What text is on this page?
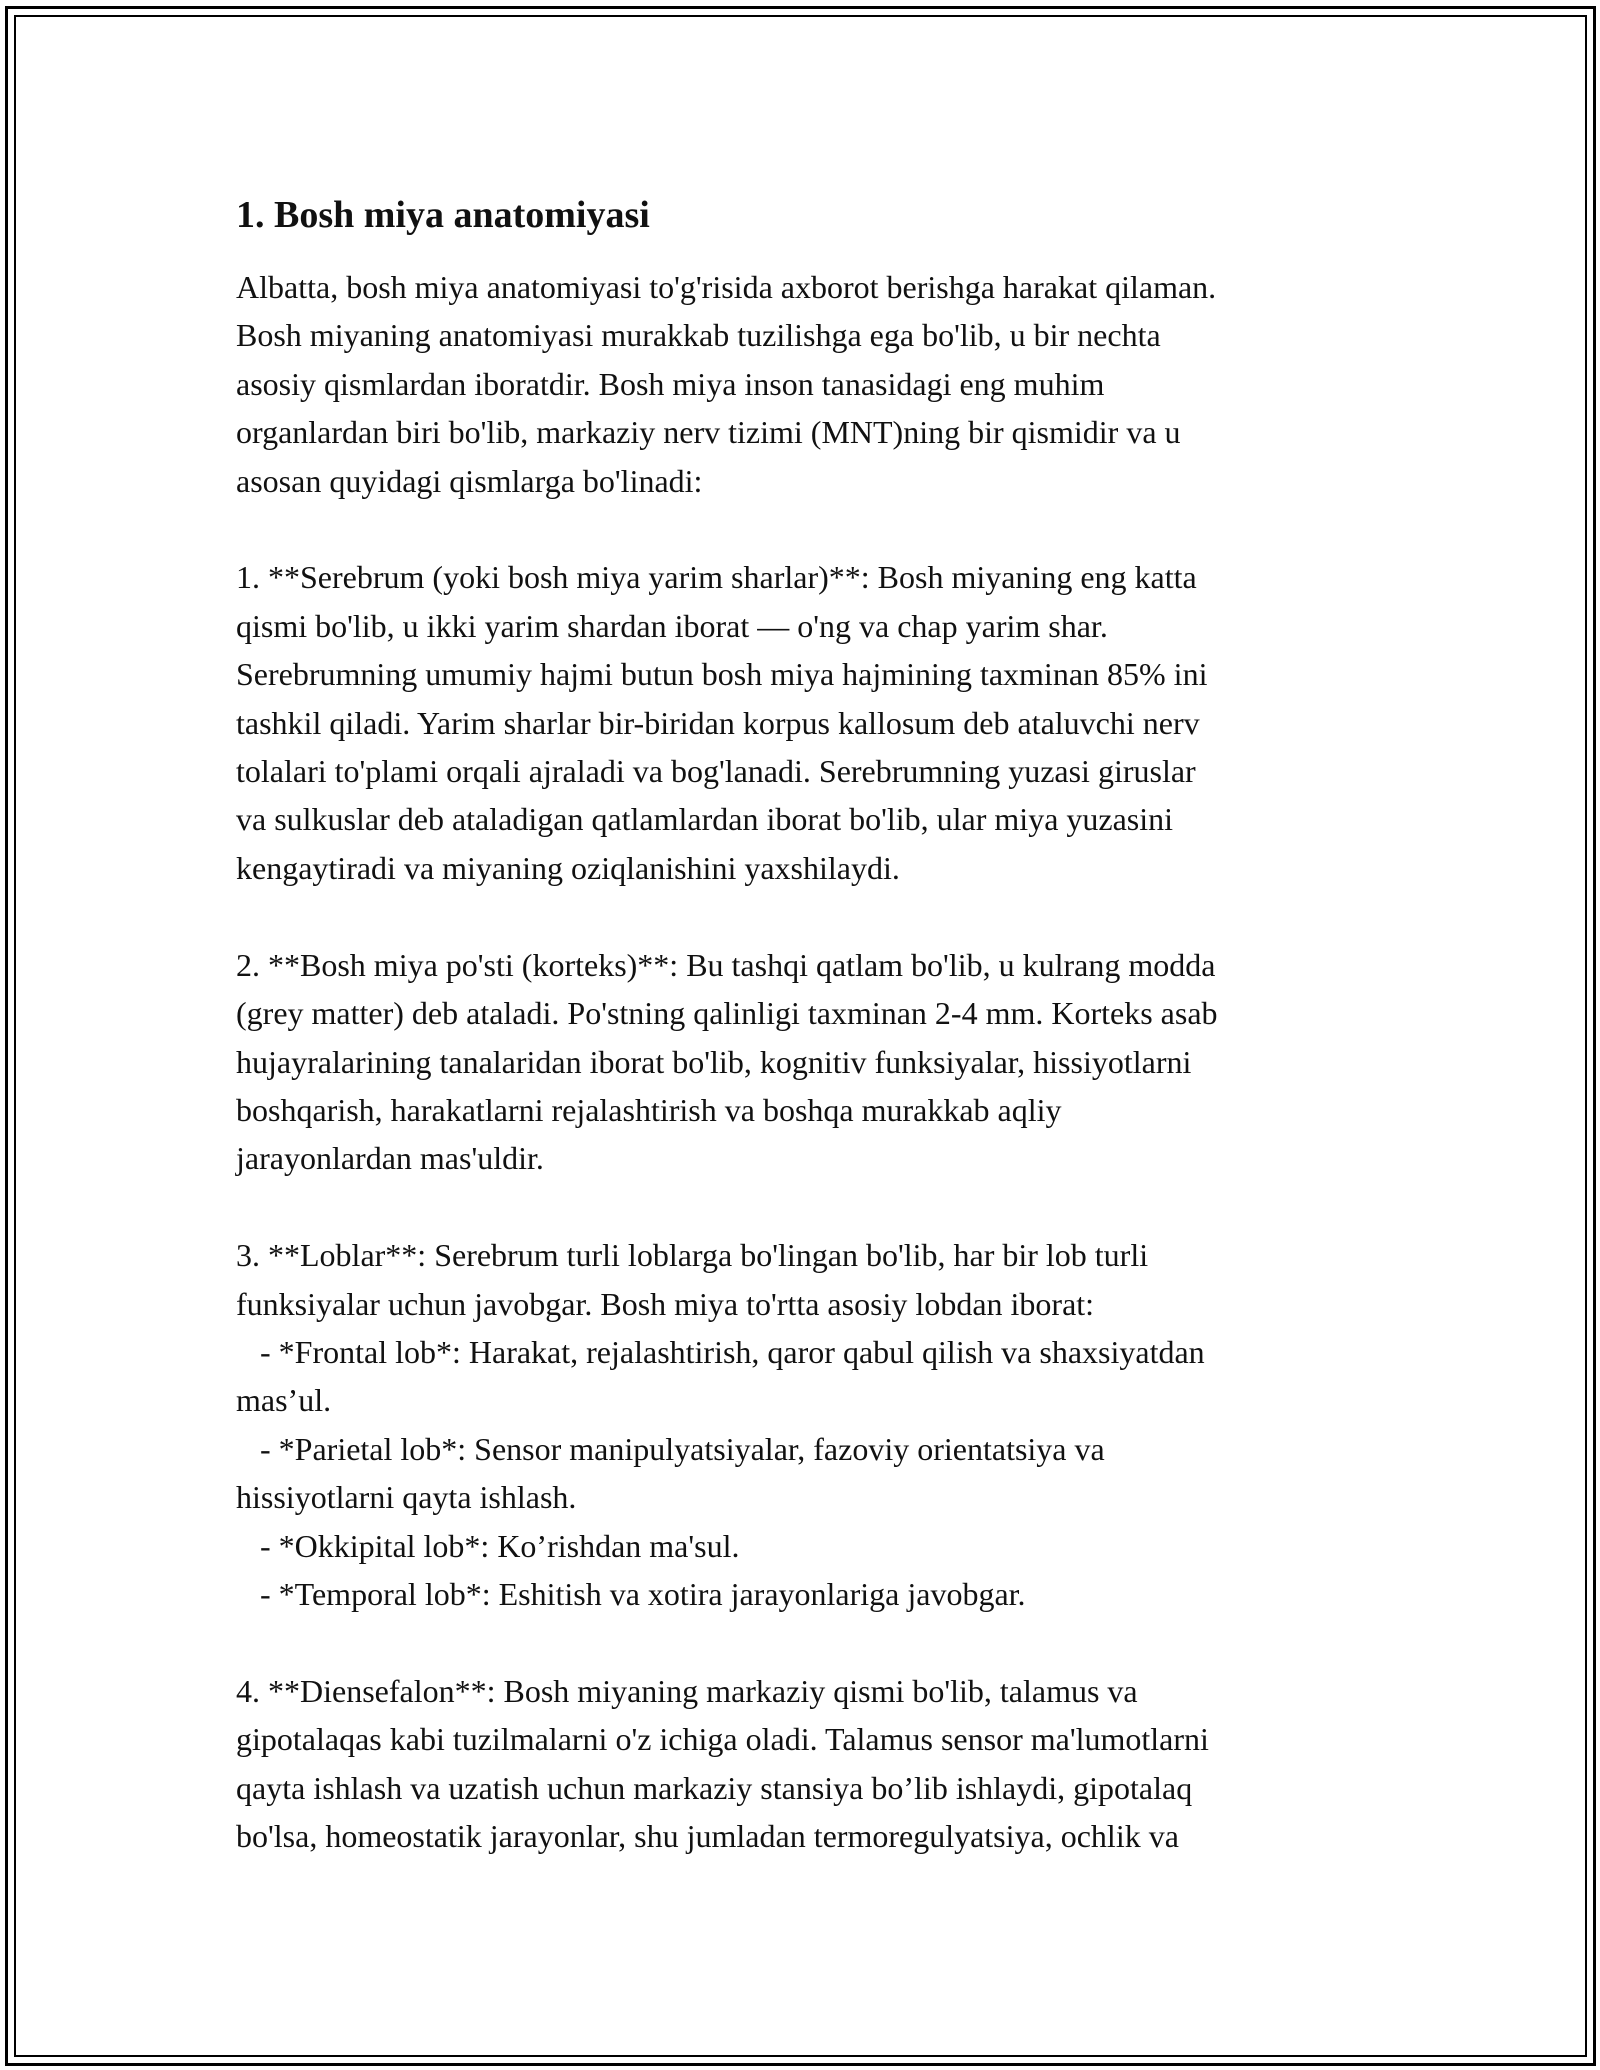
1. Bosh miya anatomiyasi
Albatta, bosh miya anatomiyasi to'g'risida axborot berishga harakat qilaman.
Bosh miyaning anatomiyasi murakkab tuzilishga ega bo'lib, u bir nechta
asosiy qismlardan iboratdir. Bosh miya inson tanasidagi eng muhim
organlardan biri bo'lib, markaziy nerv tizimi (MNT)ning bir qismidir va u
asosan quyidagi qismlarga bo'linadi:

1. **Serebrum (yoki bosh miya yarim sharlar)**: Bosh miyaning eng katta
qismi bo'lib, u ikki yarim shardan iborat — o'ng va chap yarim shar.
Serebrumning umumiy hajmi butun bosh miya hajmining taxminan 85% ini
tashkil qiladi. Yarim sharlar bir-biridan korpus kallosum deb ataluvchi nerv
tolalari to'plami orqali ajraladi va bog'lanadi. Serebrumning yuzasi giruslar
va sulkuslar deb ataladigan qatlamlardan iborat bo'lib, ular miya yuzasini
kengaytiradi va miyaning oziqlanishini yaxshilaydi.

2. **Bosh miya po'sti (korteks)**: Bu tashqi qatlam bo'lib, u kulrang modda
(grey matter) deb ataladi. Po'stning qalinligi taxminan 2-4 mm. Korteks asab
hujayralarining tanalaridan iborat bo'lib, kognitiv funksiyalar, hissiyotlarni
boshqarish, harakatlarni rejalashtirish va boshqa murakkab aqliy
jarayonlardan mas'uldir.

3. **Loblar**: Serebrum turli loblarga bo'lingan bo'lib, har bir lob turli
funksiyalar uchun javobgar. Bosh miya to'rtta asosiy lobdan iborat:
- *Frontal lob*: Harakat, rejalashtirish, qaror qabul qilish va shaxsiyatdan
mas’ul.
- *Parietal lob*: Sensor manipulyatsiyalar, fazoviy orientatsiya va
hissiyotlarni qayta ishlash.
- *Okkipital lob*: Ko’rishdan ma'sul.
- *Temporal lob*: Eshitish va xotira jarayonlariga javobgar.

4. **Diensefalon**: Bosh miyaning markaziy qismi bo'lib, talamus va
gipotalaqas kabi tuzilmalarni o'z ichiga oladi. Talamus sensor ma'lumotlarni
qayta ishlash va uzatish uchun markaziy stansiya bo’lib ishlaydi, gipotalaq
bo'lsa, homeostatik jarayonlar, shu jumladan termoregulyatsiya, ochlik va
